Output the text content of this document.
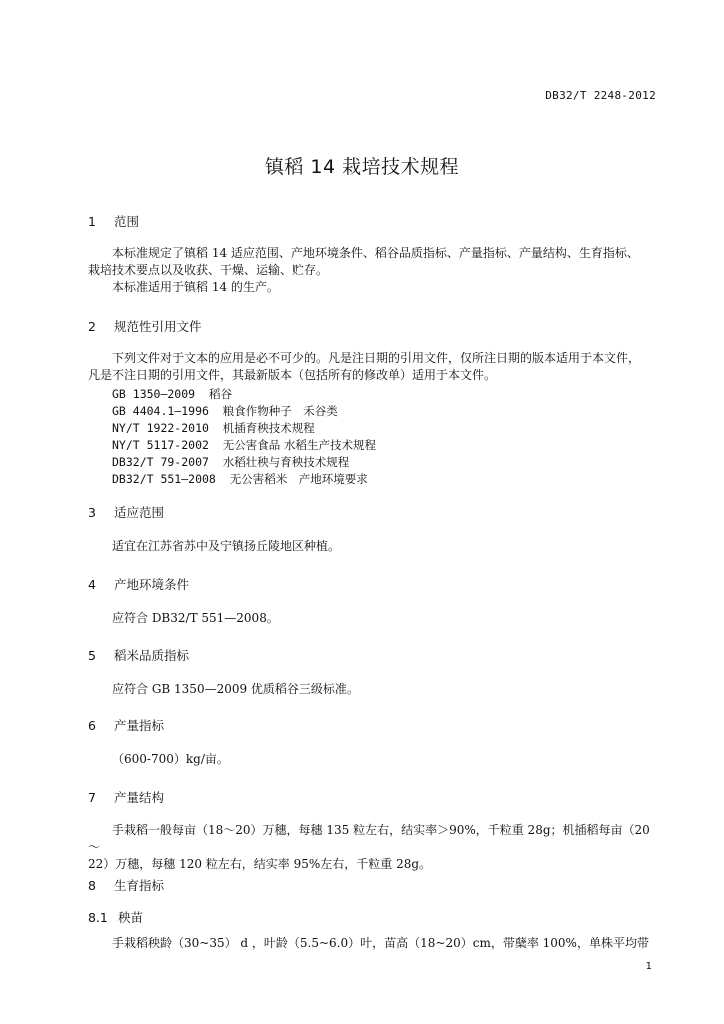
DB32/T 2248-2012
镇稻 14 栽培技术规程
1 范围
本标准规定了镇稻 14 适应范围、产地环境条件、稻谷品质指标、产量指标、产量结构、生育指标、
栽培技术要点以及收获、干燥、运输、贮存。
本标准适用于镇稻 14 的生产。
2 规范性引用文件
下列文件对于文本的应用是必不可少的。凡是注日期的引用文件，仅所注日期的版本适用于本文件，
凡是不注日期的引用文件，其最新版本（包括所有的修改单）适用于本文件。
GB 1350—2009 稻谷
GB 4404.1—1996 粮食作物种子　禾谷类
NY/T 1922-2010 机插育秧技术规程
NY/T 5117-2002 无公害食品 水稻生产技术规程
DB32/T 79-2007 水稻壮秧与育秧技术规程
DB32/T 551—2008 无公害稻米　产地环境要求
3 适应范围
适宜在江苏省苏中及宁镇扬丘陵地区种植。
4 产地环境条件
应符合 DB32/T 551—2008。
5 稻米品质指标
应符合 GB 1350—2009 优质稻谷三级标准。
6 产量指标
（600-700）kg/亩。
7 产量结构
手栽稻一般每亩（18～20）万穗，每穗 135 粒左右，结实率＞90%，千粒重 28g；机插稻每亩（20～
22）万穗，每穗 120 粒左右，结实率 95%左右，千粒重 28g。
8 生育指标
8.1 秧苗
手栽稻秧龄（30~35） d ，叶龄（5.5~6.0）叶，苗高（18~20）cm，带蘖率 100%，单株平均带
1
